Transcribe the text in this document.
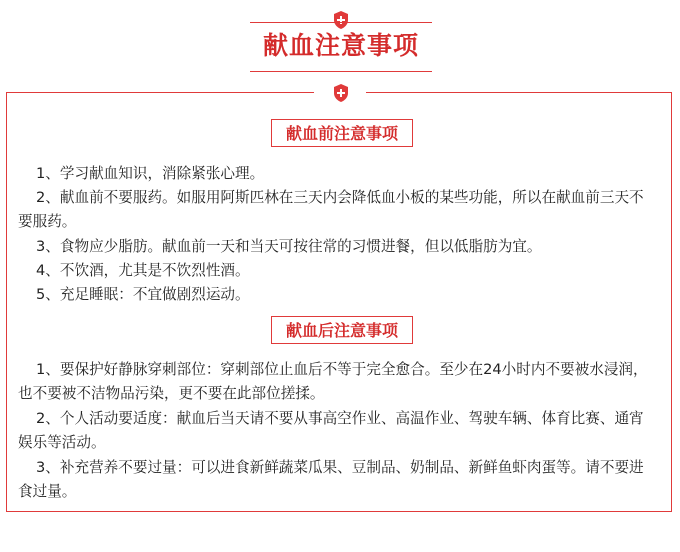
献血注意事项
献血前注意事项

1、学习献血知识，消除紧张心理。

2、献血前不要服药。如服用阿斯匹林在三天内会降低血小板的某些功能，所以在献血前三天不要服药。

3、食物应少脂肪。献血前一天和当天可按往常的习惯进餐，但以低脂肪为宜。

4、不饮酒，尤其是不饮烈性酒。

5、充足睡眠：不宜做剧烈运动。

献血后注意事项

1、要保护好静脉穿刺部位：穿刺部位止血后不等于完全愈合。至少在24小时内不要被水浸润，也不要被不洁物品污染，更不要在此部位搓揉。

2、个人活动要适度：献血后当天请不要从事高空作业、高温作业、驾驶车辆、体育比赛、通宵娱乐等活动。

3、补充营养不要过量：可以进食新鲜蔬菜瓜果、豆制品、奶制品、新鲜鱼虾肉蛋等。请不要进食过量。
